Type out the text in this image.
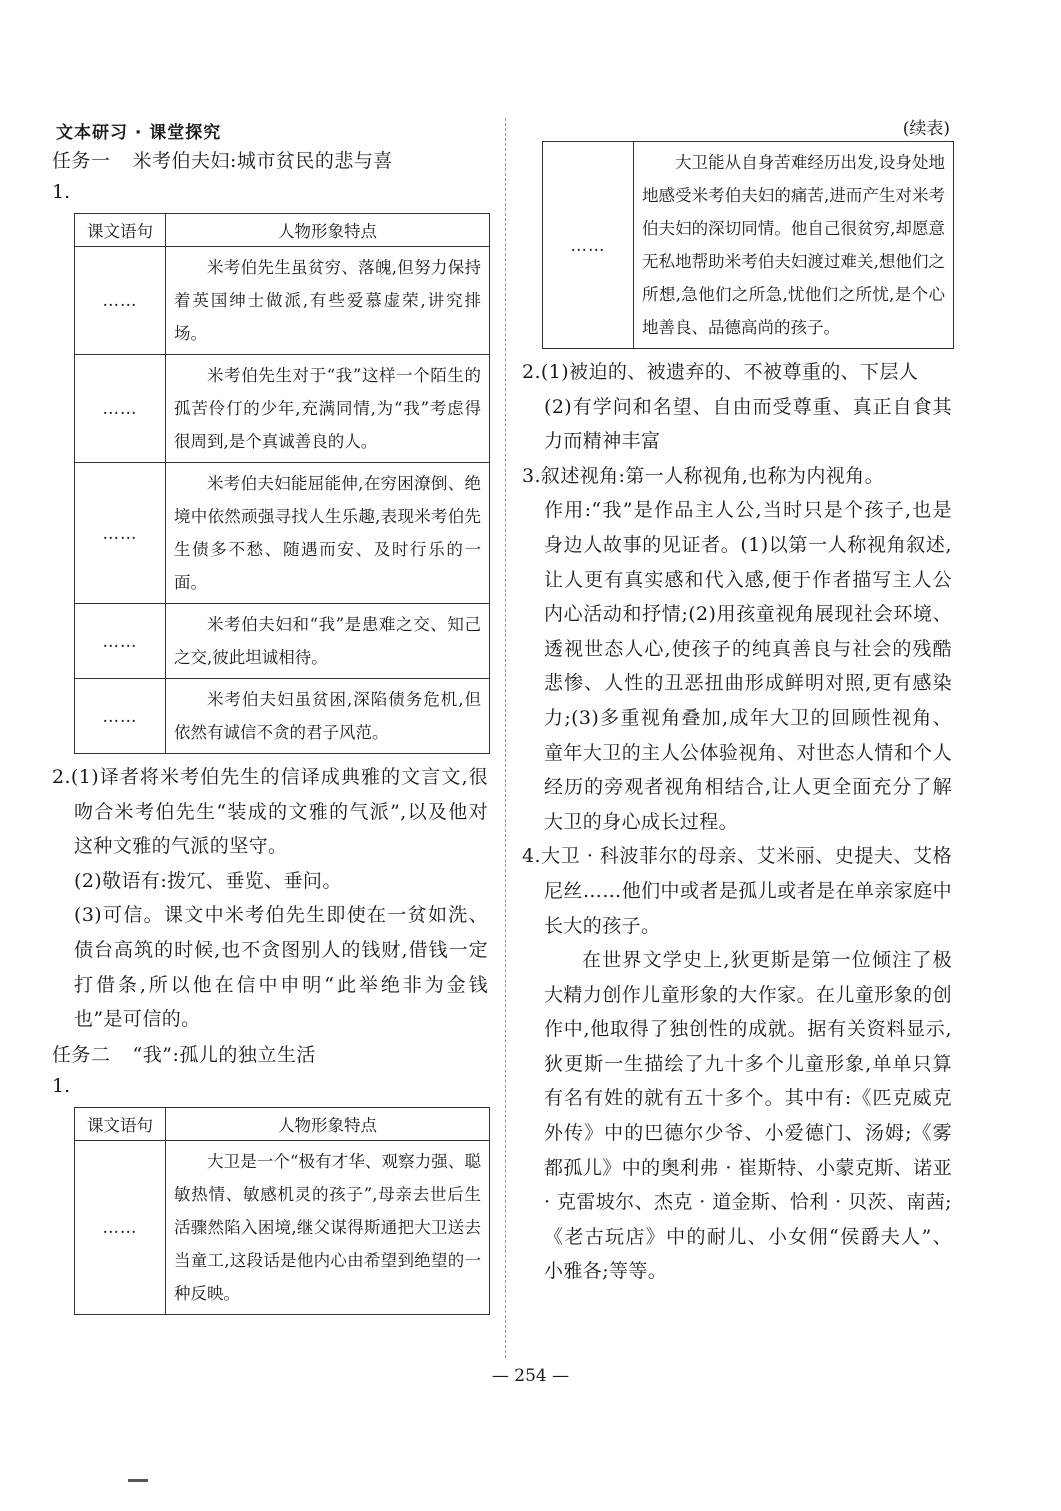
文本研习 · 课堂探究
任务一 米考伯夫妇:城市贫民的悲与喜
1.
课文语句	人物形象特点
……	米考伯先生虽贫穷、落魄,但努力保持着英国绅士做派,有些爱慕虚荣,讲究排场。
……	米考伯先生对于“我”这样一个陌生的孤苦伶仃的少年,充满同情,为“我”考虑得很周到,是个真诚善良的人。
……	米考伯夫妇能屈能伸,在穷困潦倒、绝境中依然顽强寻找人生乐趣,表现米考伯先生债多不愁、随遇而安、及时行乐的一面。
……	米考伯夫妇和“我”是患难之交、知己之交,彼此坦诚相待。
……	米考伯夫妇虽贫困,深陷债务危机,但依然有诚信不贪的君子风范。

2.(1)译者将米考伯先生的信译成典雅的文言文,很吻合米考伯先生“装成的文雅的气派”,以及他对这种文雅的气派的坚守。

(2)敬语有:拨冗、垂览、垂问。

(3)可信。课文中米考伯先生即使在一贫如洗、债台高筑的时候,也不贪图别人的钱财,借钱一定打借条,所以他在信中申明“此举绝非为金钱也”是可信的。

任务二 “我”:孤儿的独立生活
1.
课文语句	人物形象特点
……	大卫是一个“极有才华、观察力强、聪敏热情、敏感机灵的孩子”,母亲去世后生活骤然陷入困境,继父谋得斯通把大卫送去当童工,这段话是他内心由希望到绝望的一种反映。
(续表)
……	大卫能从自身苦难经历出发,设身处地地感受米考伯夫妇的痛苦,进而产生对米考伯夫妇的深切同情。他自己很贫穷,却愿意无私地帮助米考伯夫妇渡过难关,想他们之所想,急他们之所急,忧他们之所忧,是个心地善良、品德高尚的孩子。

2.(1)被迫的、被遗弃的、不被尊重的、下层人

(2)有学问和名望、自由而受尊重、真正自食其力而精神丰富

3.叙述视角:第一人称视角,也称为内视角。

作用:“我”是作品主人公,当时只是个孩子,也是身边人故事的见证者。(1)以第一人称视角叙述,让人更有真实感和代入感,便于作者描写主人公内心活动和抒情;(2)用孩童视角展现社会环境、透视世态人心,使孩子的纯真善良与社会的残酷悲惨、人性的丑恶扭曲形成鲜明对照,更有感染力;(3)多重视角叠加,成年大卫的回顾性视角、童年大卫的主人公体验视角、对世态人情和个人经历的旁观者视角相结合,让人更全面充分了解大卫的身心成长过程。

4.大卫 · 科波菲尔的母亲、艾米丽、史提夫、艾格尼丝……他们中或者是孤儿或者是在单亲家庭中长大的孩子。

在世界文学史上,狄更斯是第一位倾注了极大精力创作儿童形象的大作家。在儿童形象的创作中,他取得了独创性的成就。据有关资料显示,狄更斯一生描绘了九十多个儿童形象,单单只算有名有姓的就有五十多个。其中有:《匹克威克外传》中的巴德尔少爷、小爱德门、汤姆;《雾都孤儿》中的奥利弗 · 崔斯特、小蒙克斯、诺亚 · 克雷坡尔、杰克 · 道金斯、恰利 · 贝茨、南茜;《老古玩店》中的耐儿、小女佣“侯爵夫人”、小雅各;等等。

— 254 —
